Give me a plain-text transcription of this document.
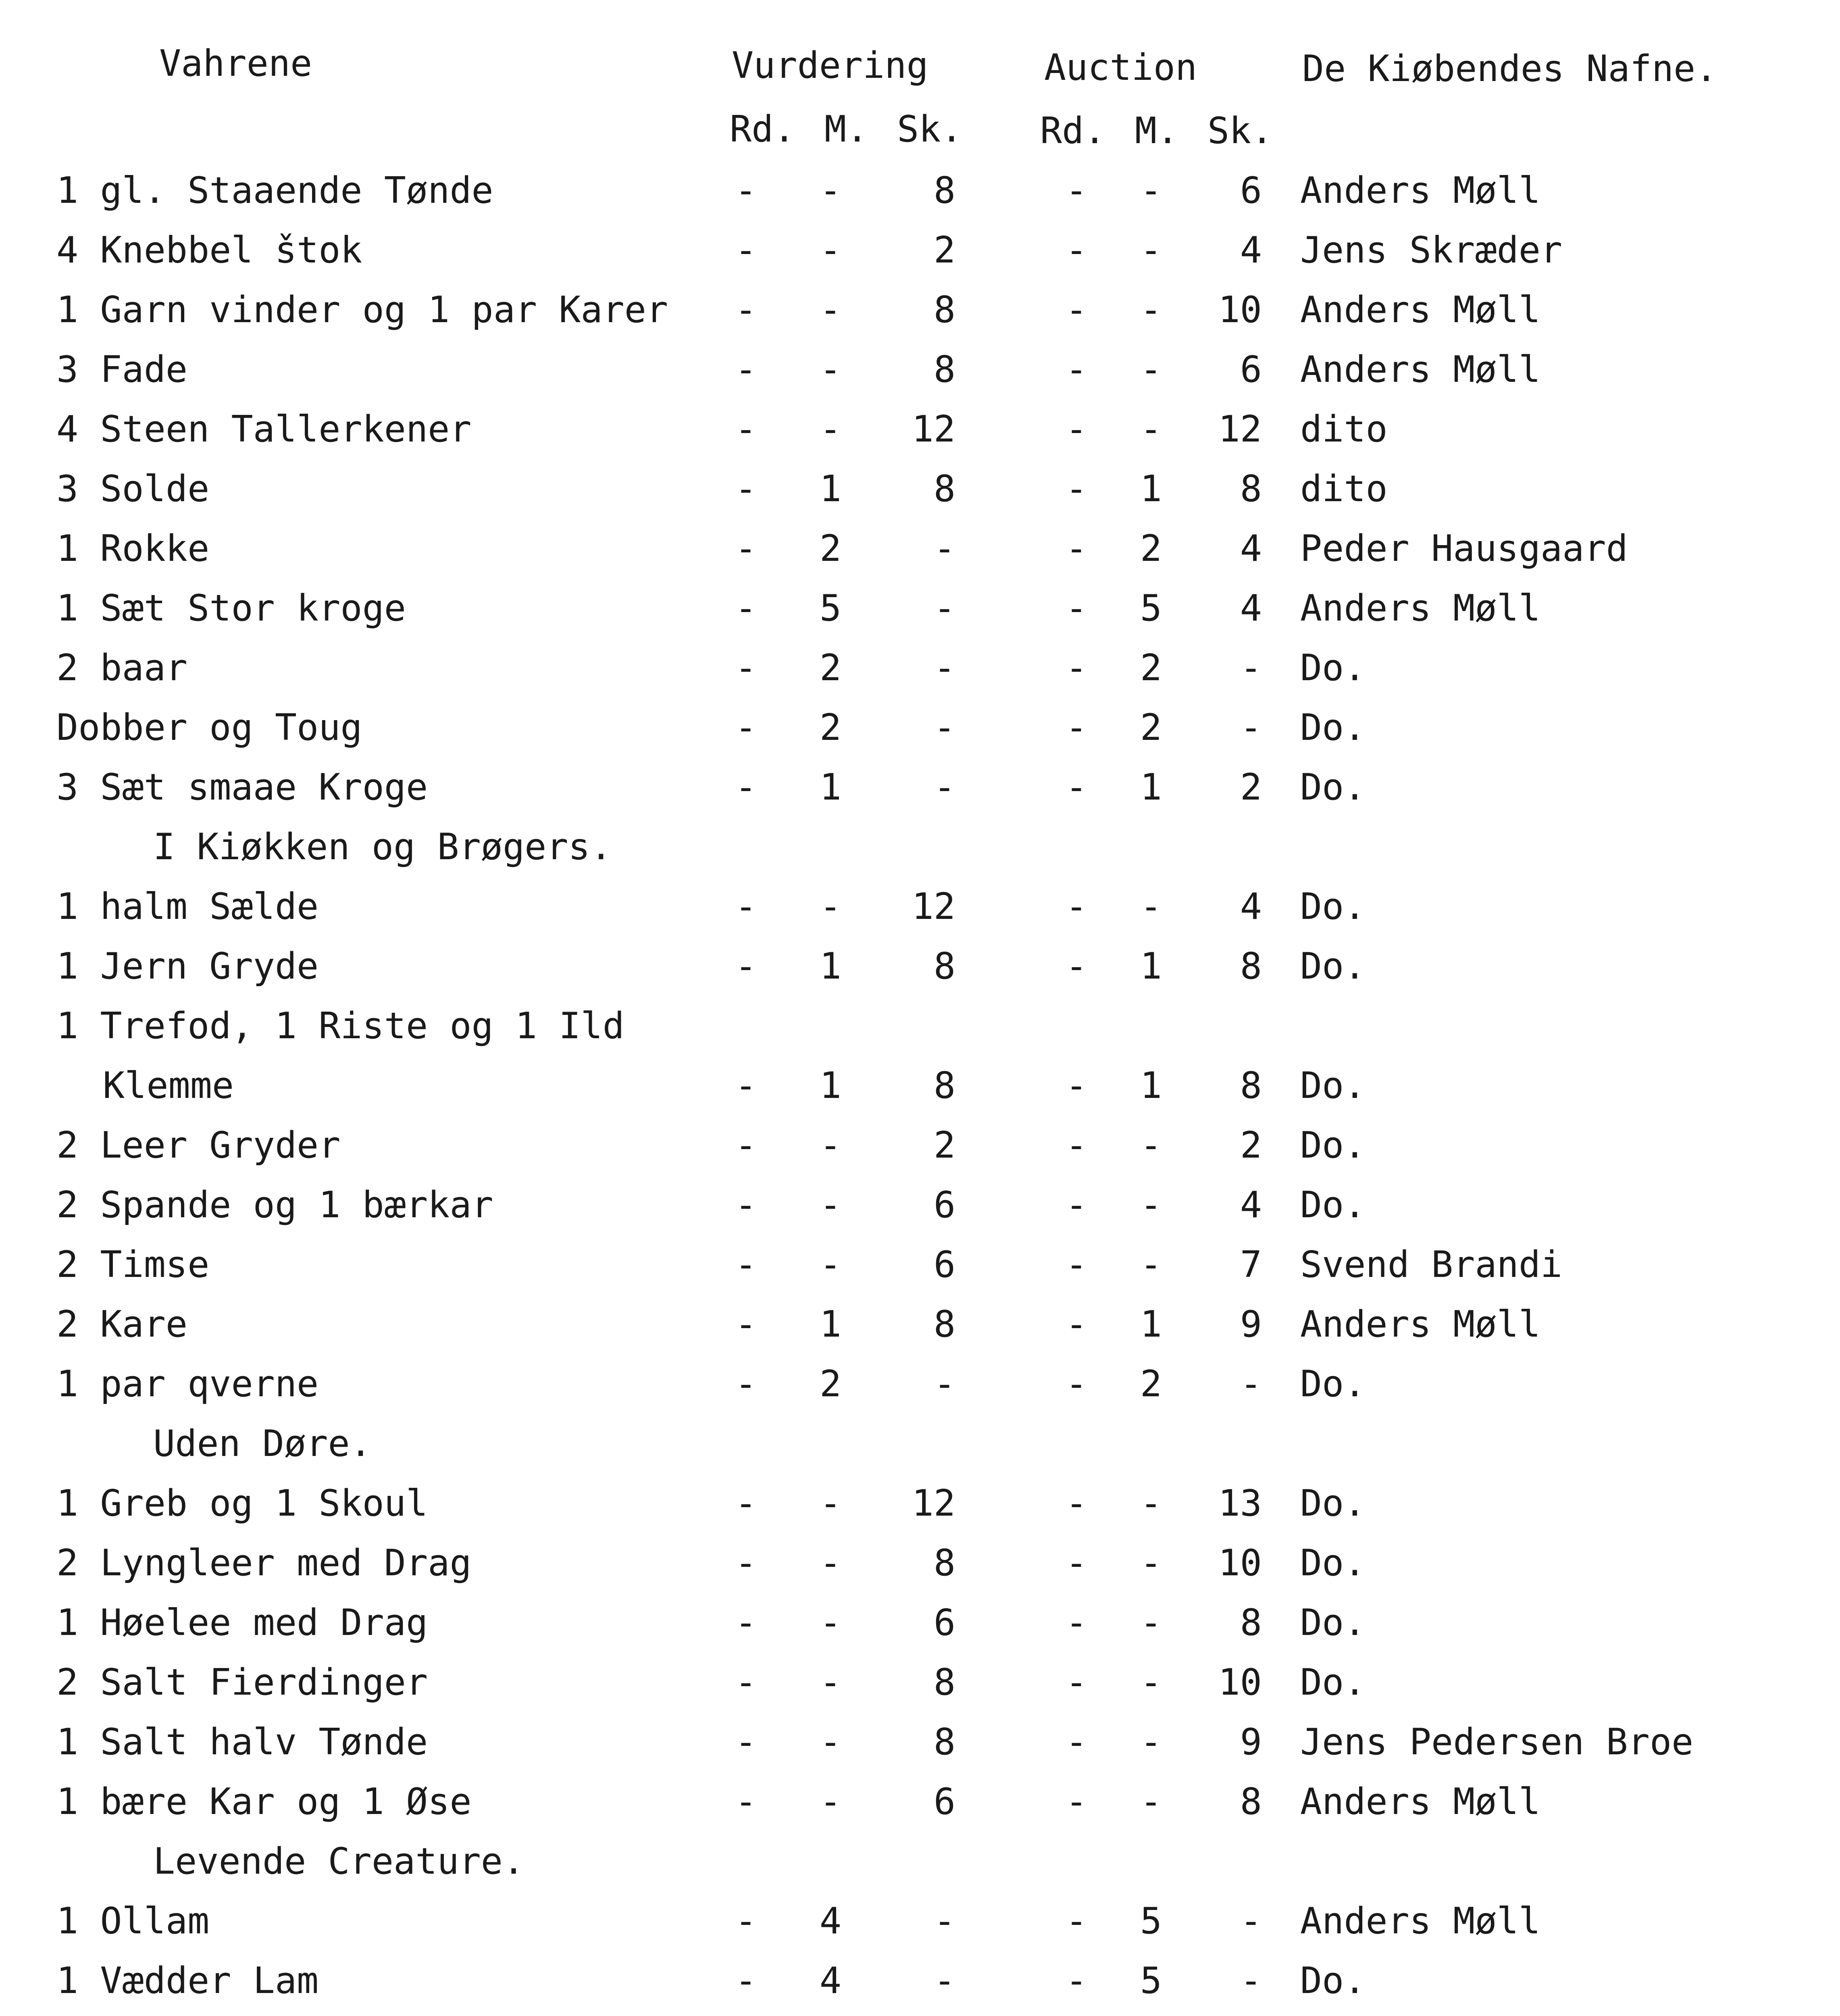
Vahrene	Vurdering	Auction	De Kiøbendes Nafne.
Rd. M. Sk. Rd. M. Sk.
1 gl. Staaende Tønde	-	-	8	-	-	6 Anders Møll
4 Knebbel štok	-	-	2	-	-	4 Jens Skræder
1 Garn vinder og 1 par Karer -	-	8	-	-	10 Anders Møll
3 Fade	-	-	8	-	-	6 Anders Møll
4 Steen Tallerkener	-	-	12	-	-	12 dito
3 Solde	-	1	8	-	1	8 dito
1 Rokke	-	2	-	-	2	4 Peder Hausgaard
1 Sæt Stor kroge	-	5	-	-	5	4 Anders Møll
2 baar	-	2	-	-	2	- Do.
Dobber og Toug	-	2	-	-	2	- Do.
3 Sæt smaae Kroge	-	1	-	-	1	2 Do.
I Kiøkken og Brøgers.
1 halm Sælde	-	-	12	-	-	4 Do.
1 Jern Gryde	-	1	8	-	1	8 Do.
1 Trefod, 1 Riste og 1 Ild
Klemme	-	1	8	-	1	8 Do.
2 Leer Gryder	-	-	2	-	-	2 Do.
2 Spande og 1 bærkar	-	-	6	-	-	4 Do.
2 Timse	-	-	6	-	-	7 Svend Brandi
2 Kare	-	1	8	-	1	9 Anders Møll
1 par qverne	-	2	-	-	2	- Do.
Uden Døre.
1 Greb og 1 Skoul	-	-	12	-	-	13 Do.
2 Lyngleer med Drag	-	-	8	-	-	10 Do.
1 Høelee med Drag	-	-	6	-	-	8 Do.
2 Salt Fierdinger	-	-	8	-	-	10 Do.
1 Salt halv Tønde	-	-	8	-	-	9 Jens Pedersen Broe
1 bære Kar og 1 Øse	-	-	6	-	-	8 Anders Møll
Levende Creature.
1 Ollam	-	4	-	-	5	- Anders Møll
1 Vædder Lam	-	4	-	-	5	- Do.
